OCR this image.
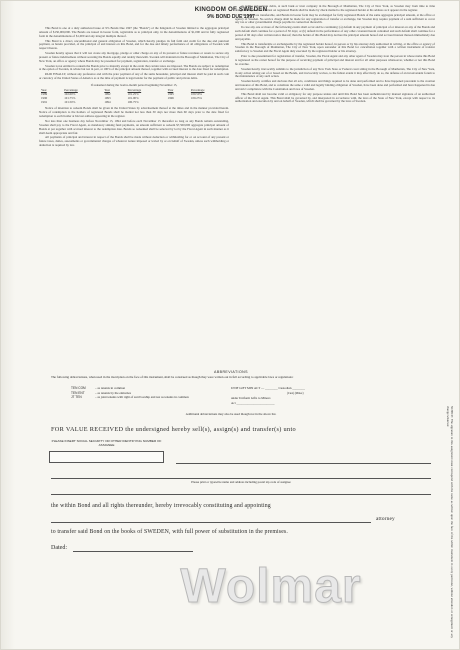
KINGDOM OF SWEDEN
9% BOND DUE 1997

This Bond is one of a duly authorized issue of 9% Bonds Due 1997 (the "Bonds") of the Kingdom of Sweden limited to the aggregate principal amount of $150,000,000. The Bonds are issued in bearer form, registrable as to principal only, in the denominations of $1,000 and in fully registered form in the denominations of $1,000 and any integral multiple thereof.

This Bond is a direct, unconditional and general obligation of Sweden, which hereby pledges its full faith and credit for the due and punctual payment, as herein provided, of the principal of and interest on this Bond, and for the due and timely performance of all obligations of Sweden with respect thereto.

Sweden hereby agrees that it will not create any mortgage, pledge or other charge on any of its present or future revenues or assets to secure any present or future indebtedness without securing the Bonds equally and ratably therewith. Sweden will maintain in the Borough of Manhattan, The City of New York, an office or agency where Bonds may be presented for payment, registration, transfer or exchange.

Sweden is not entitled to redeem the Bonds prior to maturity except in the event that certain taxes are imposed. The Bonds are subject to redemption at the option of Sweden, in whole but not in part, at 100% of the principal amount thereof, together with accrued interest to the date fixed for redemption.

PAID FINALLY, without any preference and with the prior payment of any of the sums hereunder, principal and interest shall be paid in such coin or currency of the United States of America as at the time of payment is legal tender for the payment of public and private debts.

If redeemed during the twelve-month period beginning November 15,
Year	Percentage	Year	Percentage	Year	Percentage
1989	102.00%	1992	101.25%	1995	100.50%
1990	101.75%	1993	101.00%	1996	100.25%
1991	101.50%	1994	100.75%		

Notice of intention to redeem Bonds shall be given in the United States by advertisement thereof at the times and in the manner provided herein. Notice of redemption to the holders of registered Bonds shall be mailed not less than 30 days nor more than 60 days prior to the date fixed for redemption to each holder at his last address appearing in the register.

Not less than one business day before November 15, 1994 and before each November 15 thereafter so long as any Bonds remain outstanding, Sweden shall pay to the Fiscal Agent, as mandatory sinking fund payments, an amount sufficient to redeem $7,500,000 aggregate principal amount of Bonds at par together with accrued interest to the redemption date. Bonds so redeemed shall be selected by lot by the Fiscal Agent in such manner as it shall deem appropriate and fair.

All payments of principal and interest in respect of the Bonds shall be made without deduction or withholding for or on account of any present or future taxes, duties, assessments or governmental charges of whatever nature imposed or levied by or on behalf of Sweden, unless such withholding or deduction is required by law.

of public and private debts, at such bank or trust company in the Borough of Manhattan, The City of New York, as Sweden may from time to time designate. Payment of interest on registered Bonds shall be made by check mailed to the registered holder at his address as it appears in the register.

The Bonds are transferable, and Bonds in bearer form may be exchanged for fully registered Bonds of the same aggregate principal amount, at the office or agency of Sweden. No service charge shall be made for any registration of transfer or exchange, but Sweden may require payment of a sum sufficient to cover any tax or other governmental charge payable in connection therewith.

In case any one or more of the following events shall occur and be continuing: (a) default in any payment of principal of or interest on any of the Bonds and such default shall continue for a period of 30 days; or (b) default in the performance of any other covenant herein contained and such default shall continue for a period of 60 days after written notice thereof; then the holder of this Bond may declare the principal amount hereof and accrued interest thereon immediately due and payable.

This Bond is transferable or exchangeable by the registered holder hereof, in person or by his attorney duly authorized in writing, at the office or agency of Sweden in the Borough of Manhattan, The City of New York, upon surrender of this Bond for cancellation together with a written instrument of transfer satisfactory to Sweden and the Fiscal Agent duly executed by the registered holder or his attorney.

Prior to due presentment for registration of transfer, Sweden, the Fiscal Agent and any other agent of Sweden may treat the person in whose name this Bond is registered as the owner hereof for the purpose of receiving payment of principal and interest and for all other purposes whatsoever, whether or not this Bond be overdue.

Sweden hereby irrevocably submits to the jurisdiction of any New York State or Federal court sitting in the Borough of Manhattan, The City of New York, in any action arising out of or based on the Bonds, and irrevocably waives, to the fullest extent it may effectively do so, the defense of an inconvenient forum to the maintenance of any such action.

Sweden hereby certifies and declares that all acts, conditions and things required to be done and performed and to have happened precedent to the creation and issuance of this Bond, and to constitute the same a valid and legally binding obligation of Sweden, have been done and performed and have happened in due and strict compliance with the Constitution and laws of Sweden.

This Bond shall not become valid or obligatory for any purpose unless and until this Bond has been authenticated by manual signature of an authorized officer of the Fiscal Agent. This Bond shall be governed by, and interpreted in accordance with, the laws of the State of New York, except with respect to its authorization and execution by and on behalf of Sweden, which shall be governed by the laws of Sweden.

ABBREVIATIONS
The following abbreviations, when used in the inscription on the face of this instrument, shall be construed as though they were written out in full according to applicable laws or regulations:
TEN COM	– as tenants in common
TEN ENT	– as tenants by the entireties
JT TEN	– as joint tenants with right of survivorship and not as tenants in common
UNIF GIFT MIN ACT — ________ Custodian ________
(Cust) (Minor)
under Uniform Gifts to Minors
Act ________________________
Additional abbreviations may also be used though not in the above list.
FOR VALUE RECEIVED the undersigned hereby sell(s), assign(s) and transfer(s) unto
PLEASE INSERT SOCIAL SECURITY OR OTHER IDENTIFYING NUMBER OF ASSIGNEE
Please print or typewrite name and address including postal zip code of assignee
the within Bond and all rights thereunder, hereby irrevocably constituting and appointing
attorney
to transfer said Bond on the books of SWEDEN, with full power of substitution in the premises.
Dated:	NOTICE: The signature to this assignment must correspond with the name as written upon the face of the within instrument in every particular, without alteration or enlargement or any change whatever.
Wolmar
